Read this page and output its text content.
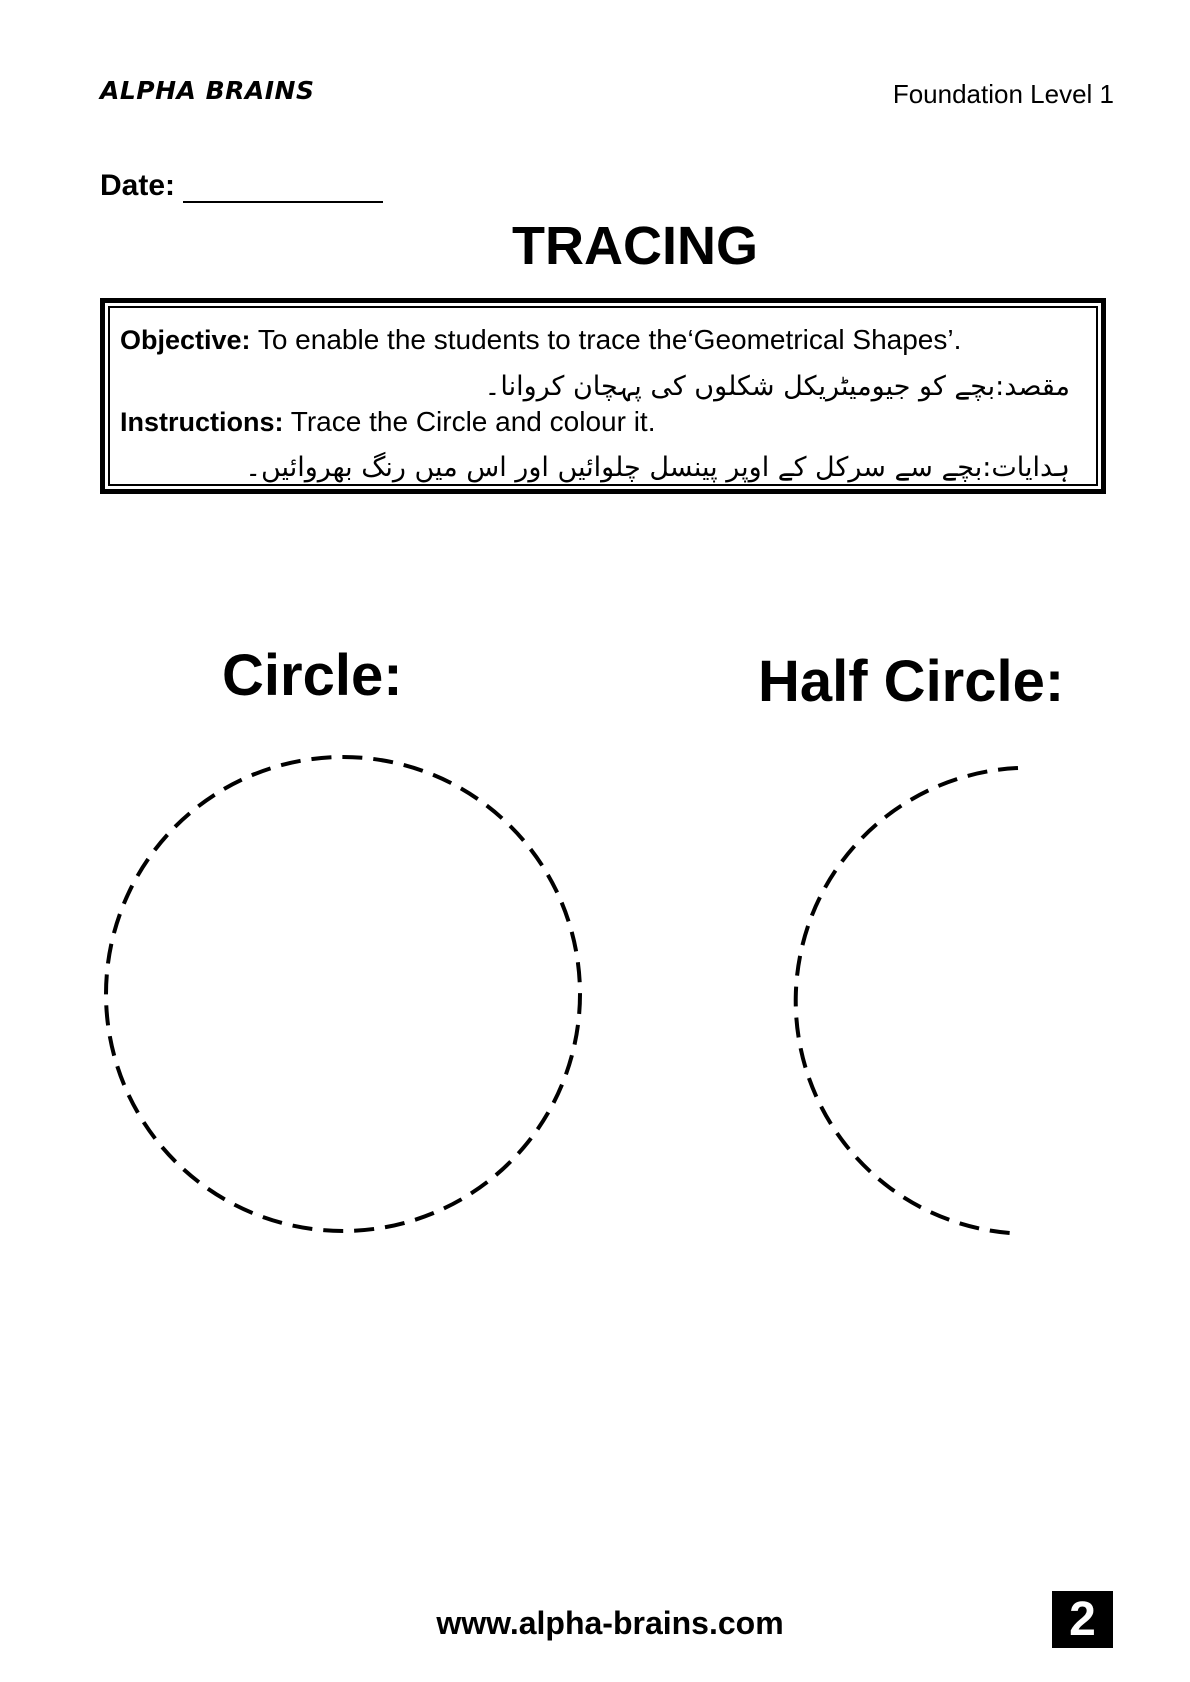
ALPHA BRAINS	Foundation Level 1
Date:
TRACING
Objective: To enable the students to trace the‘Geometrical Shapes’.
مقصد:بچے کو جیومیٹریکل شکلوں کی پہچان کروانا۔
Instructions: Trace the Circle and colour it.
ہدایات:بچے سے سرکل کے اوپر پینسل چلوائیں اور اس میں رنگ بھروائیں۔
Circle:	Half Circle:
www.alpha-brains.com	2
